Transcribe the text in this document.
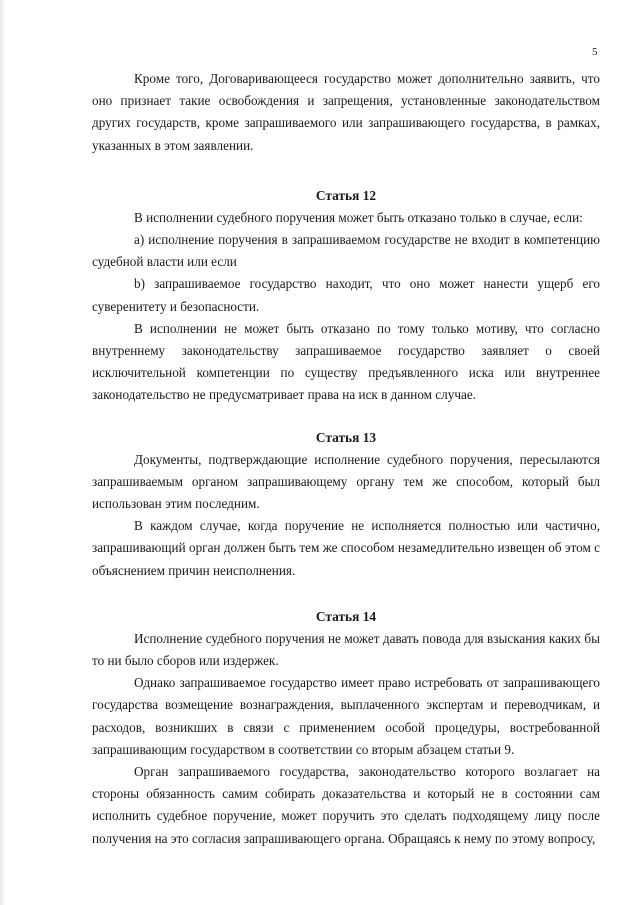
5

Кроме того, Договаривающееся государство может дополнительно заявить, что оно признает такие освобождения и запрещения, установленные законодательством других государств, кроме запрашиваемого или запрашивающего государства, в рамках, указанных в этом заявлении.

Статья 12

В исполнении судебного поручения может быть отказано только в случае, если:

a) исполнение поручения в запрашиваемом государстве не входит в компетенцию судебной власти или если

b) запрашиваемое государство находит, что оно может нанести ущерб его суверенитету и безопасности.

В исполнении не может быть отказано по тому только мотиву, что согласно внутреннему законодательству запрашиваемое государство заявляет о своей исключительной компетенции по существу предъявленного иска или внутреннее законодательство не предусматривает права на иск в данном случае.

Статья 13

Документы, подтверждающие исполнение судебного поручения, пересылаются запрашиваемым органом запрашивающему органу тем же способом, который был использован этим последним.

В каждом случае, когда поручение не исполняется полностью или частично, запрашивающий орган должен быть тем же способом незамедлительно извещен об этом с объяснением причин неисполнения.

Статья 14

Исполнение судебного поручения не может давать повода для взыскания каких бы то ни было сборов или издержек.

Однако запрашиваемое государство имеет право истребовать от запрашивающего государства возмещение вознаграждения, выплаченного экспертам и переводчикам, и расходов, возникших в связи с применением особой процедуры, востребованной запрашивающим государством в соответствии со вторым абзацем статьи 9.

Орган запрашиваемого государства, законодательство которого возлагает на стороны обязанность самим собирать доказательства и который не в состоянии сам исполнить судебное поручение, может поручить это сделать подходящему лицу после получения на это согласия запрашивающего органа. Обращаясь к нему по этому вопросу,
